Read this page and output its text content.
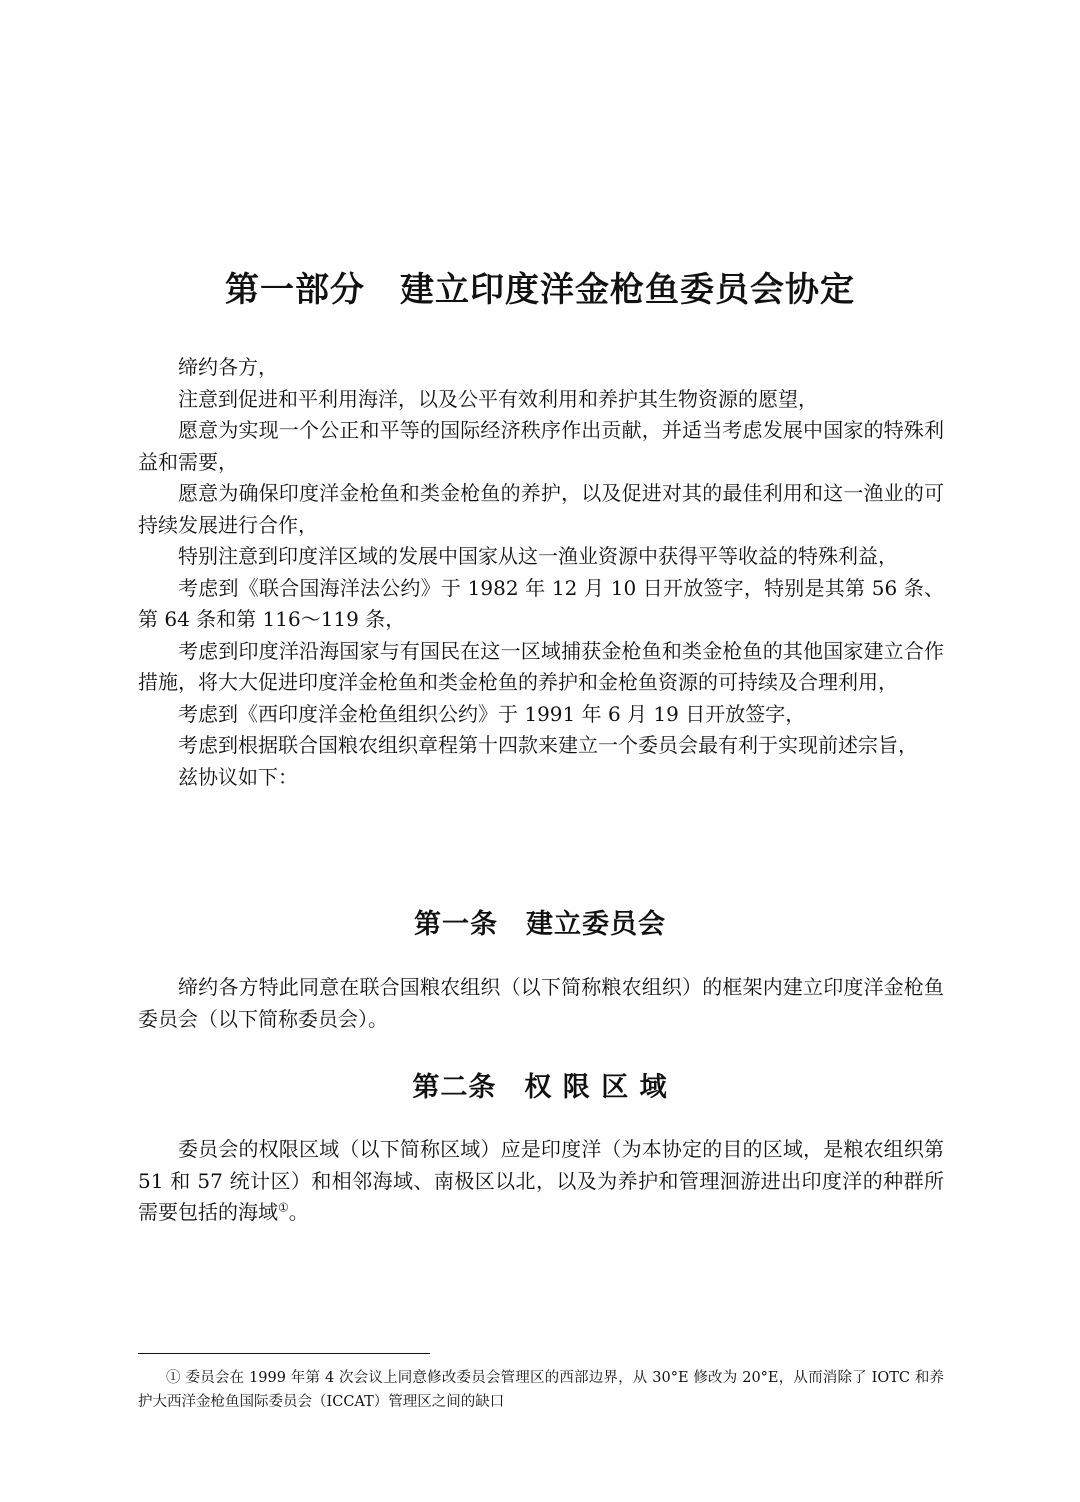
第一部分　建立印度洋金枪鱼委员会协定

缔约各方，

注意到促进和平利用海洋，以及公平有效利用和养护其生物资源的愿望，

愿意为实现一个公正和平等的国际经济秩序作出贡献，并适当考虑发展中国家的特殊利益和需要，

愿意为确保印度洋金枪鱼和类金枪鱼的养护，以及促进对其的最佳利用和这一渔业的可持续发展进行合作，

特别注意到印度洋区域的发展中国家从这一渔业资源中获得平等收益的特殊利益，

考虑到《联合国海洋法公约》于 1982 年 12 月 10 日开放签字，特别是其第 56 条、第 64 条和第 116～119 条，

考虑到印度洋沿海国家与有国民在这一区域捕获金枪鱼和类金枪鱼的其他国家建立合作措施，将大大促进印度洋金枪鱼和类金枪鱼的养护和金枪鱼资源的可持续及合理利用，

考虑到《西印度洋金枪鱼组织公约》于 1991 年 6 月 19 日开放签字，

考虑到根据联合国粮农组织章程第十四款来建立一个委员会最有利于实现前述宗旨，

兹协议如下：

第一条　建立委员会

缔约各方特此同意在联合国粮农组织（以下简称粮农组织）的框架内建立印度洋金枪鱼委员会（以下简称委员会）。

第二条　权 限 区 域

委员会的权限区域（以下简称区域）应是印度洋（为本协定的目的区域，是粮农组织第 51 和 57 统计区）和相邻海域、南极区以北，以及为养护和管理洄游进出印度洋的种群所需要包括的海域①。

① 委员会在 1999 年第 4 次会议上同意修改委员会管理区的西部边界，从 30°E 修改为 20°E，从而消除了 IOTC 和养护大西洋金枪鱼国际委员会（ICCAT）管理区之间的缺口
